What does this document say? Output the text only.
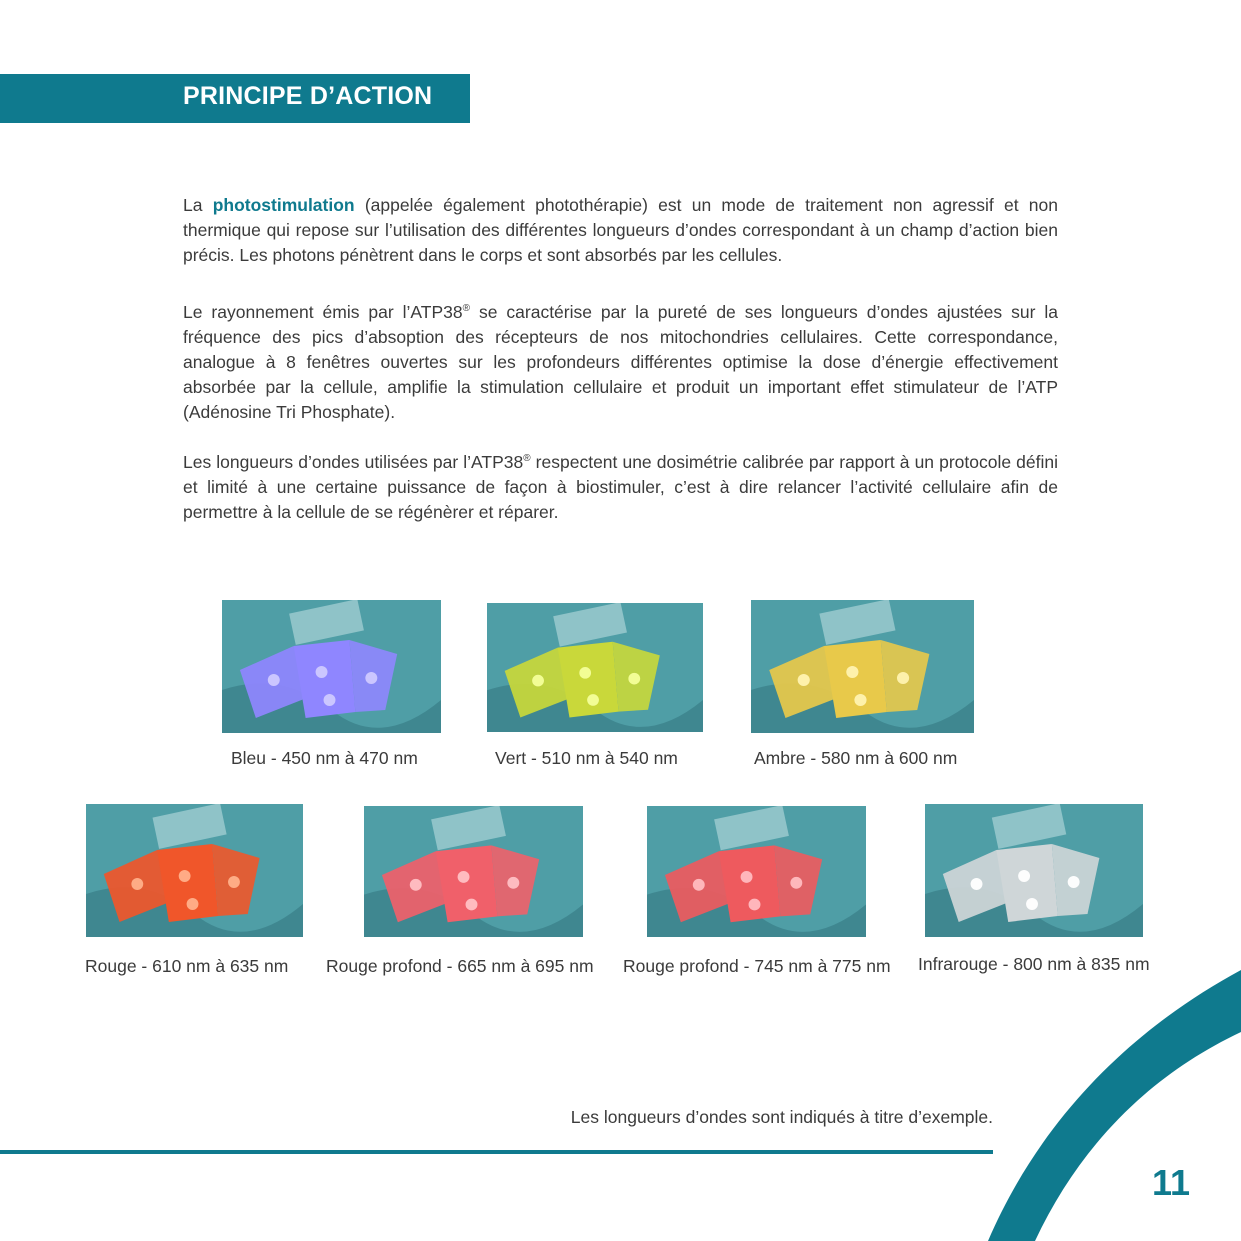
PRINCIPE D’ACTION

La photostimulation (appelée également photothérapie) est un mode de traitement non agressif et non thermique qui repose sur l’utilisation des différentes longueurs d’ondes correspondant à un champ d’action bien précis. Les photons pénètrent dans le corps et sont absorbés par les cellules.

Le rayonnement émis par l’ATP38® se caractérise par la pureté de ses longueurs d’ondes ajustées sur la fréquence des pics d’absoption des récepteurs de nos mitochondries cellulaires. Cette correspondance, analogue à 8 fenêtres ouvertes sur les profondeurs différentes optimise la dose d’énergie effectivement absorbée par la cellule, amplifie la stimulation cellulaire et produit un important effet stimulateur de l’ATP (Adénosine Tri Phosphate).

Les longueurs d’ondes utilisées par l’ATP38® respectent une dosimétrie calibrée par rapport à un protocole défini et limité à une certaine puissance de façon à biostimuler, c’est à dire relancer l’activité cellulaire afin de permettre à la cellule de se régénèrer et réparer.

Bleu - 450 nm à 470 nm	Vert - 510 nm à 540 nm	Ambre - 580 nm à 600 nm
Rouge - 610 nm à 635 nm Rouge profond - 665 nm à 695 nm Rouge profond - 745 nm à 775 nm Infrarouge - 800 nm à 835 nm
Les longueurs d’ondes sont indiqués à titre d’exemple.
11
